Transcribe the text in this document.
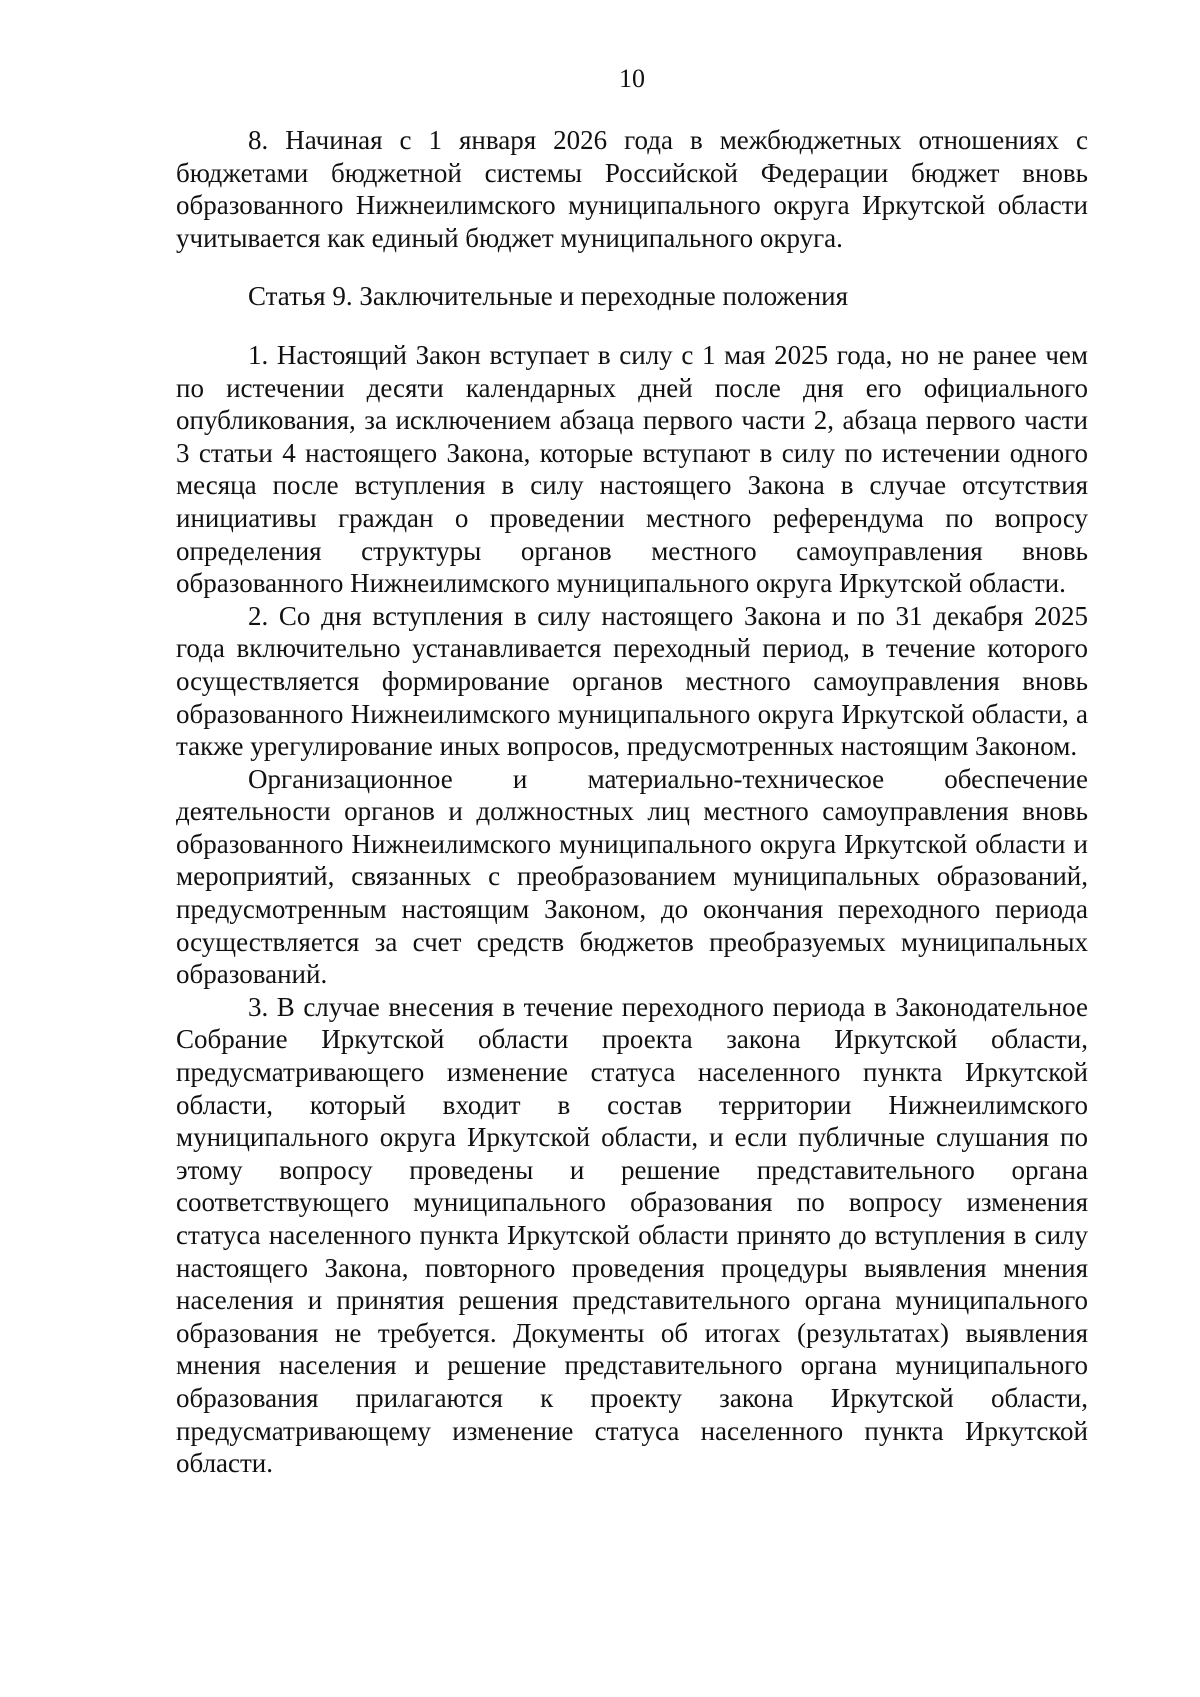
10

8. Начиная с 1 января 2026 года в межбюджетных отношениях с бюджетами бюджетной системы Российской Федерации бюджет вновь образованного Нижнеилимского муниципального округа Иркутской области учитывается как единый бюджет муниципального округа.

Статья 9. Заключительные и переходные положения

1. Настоящий Закон вступает в силу с 1 мая 2025 года, но не ранее чем по истечении десяти календарных дней после дня его официального опубликования, за исключением абзаца первого части 2, абзаца первого части 3 статьи 4 настоящего Закона, которые вступают в силу по истечении одного месяца после вступления в силу настоящего Закона в случае отсутствия инициативы граждан о проведении местного референдума по вопросу определения структуры органов местного самоуправления вновь образованного Нижнеилимского муниципального округа Иркутской области.

2. Со дня вступления в силу настоящего Закона и по 31 декабря 2025 года включительно устанавливается переходный период, в течение которого осуществляется формирование органов местного самоуправления вновь образованного Нижнеилимского муниципального округа Иркутской области, а также урегулирование иных вопросов, предусмотренных настоящим Законом.

Организационное и материально-техническое обеспечение деятельности органов и должностных лиц местного самоуправления вновь образованного Нижнеилимского муниципального округа Иркутской области и мероприятий, связанных с преобразованием муниципальных образований, предусмотренным настоящим Законом, до окончания переходного периода осуществляется за счет средств бюджетов преобразуемых муниципальных образований.

3. В случае внесения в течение переходного периода в Законодательное Собрание Иркутской области проекта закона Иркутской области, предусматривающего изменение статуса населенного пункта Иркутской области, который входит в состав территории Нижнеилимского муниципального округа Иркутской области, и если публичные слушания по этому вопросу проведены и решение представительного органа соответствующего муниципального образования по вопросу изменения статуса населенного пункта Иркутской области принято до вступления в силу настоящего Закона, повторного проведения процедуры выявления мнения населения и принятия решения представительного органа муниципального образования не требуется. Документы об итогах (результатах) выявления мнения населения и решение представительного органа муниципального образования прилагаются к проекту закона Иркутской области, предусматривающему изменение статуса населенного пункта Иркутской области.
